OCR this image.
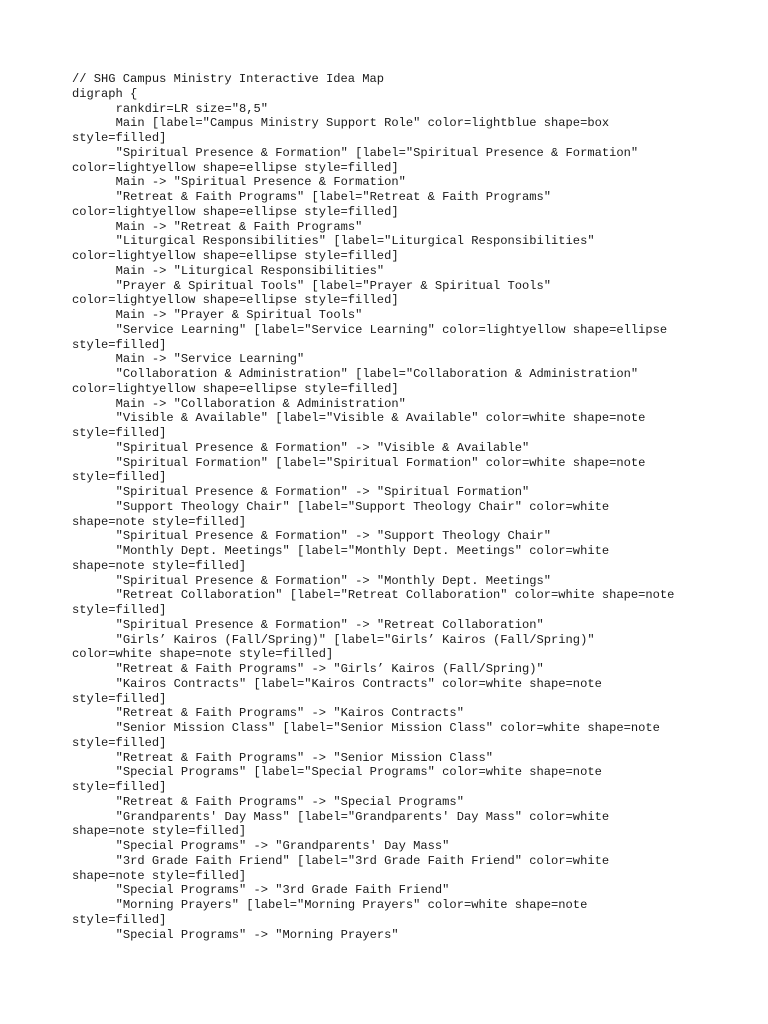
// SHG Campus Ministry Interactive Idea Map
digraph {
rankdir=LR size="8,5"
Main [label="Campus Ministry Support Role" color=lightblue shape=box
style=filled]
"Spiritual Presence & Formation" [label="Spiritual Presence & Formation"
color=lightyellow shape=ellipse style=filled]
Main -> "Spiritual Presence & Formation"
"Retreat & Faith Programs" [label="Retreat & Faith Programs"
color=lightyellow shape=ellipse style=filled]
Main -> "Retreat & Faith Programs"
"Liturgical Responsibilities" [label="Liturgical Responsibilities"
color=lightyellow shape=ellipse style=filled]
Main -> "Liturgical Responsibilities"
"Prayer & Spiritual Tools" [label="Prayer & Spiritual Tools"
color=lightyellow shape=ellipse style=filled]
Main -> "Prayer & Spiritual Tools"
"Service Learning" [label="Service Learning" color=lightyellow shape=ellipse
style=filled]
Main -> "Service Learning"
"Collaboration & Administration" [label="Collaboration & Administration"
color=lightyellow shape=ellipse style=filled]
Main -> "Collaboration & Administration"
"Visible & Available" [label="Visible & Available" color=white shape=note
style=filled]
"Spiritual Presence & Formation" -> "Visible & Available"
"Spiritual Formation" [label="Spiritual Formation" color=white shape=note
style=filled]
"Spiritual Presence & Formation" -> "Spiritual Formation"
"Support Theology Chair" [label="Support Theology Chair" color=white
shape=note style=filled]
"Spiritual Presence & Formation" -> "Support Theology Chair"
"Monthly Dept. Meetings" [label="Monthly Dept. Meetings" color=white
shape=note style=filled]
"Spiritual Presence & Formation" -> "Monthly Dept. Meetings"
"Retreat Collaboration" [label="Retreat Collaboration" color=white shape=note
style=filled]
"Spiritual Presence & Formation" -> "Retreat Collaboration"
"Girls’ Kairos (Fall/Spring)" [label="Girls’ Kairos (Fall/Spring)"
color=white shape=note style=filled]
"Retreat & Faith Programs" -> "Girls’ Kairos (Fall/Spring)"
"Kairos Contracts" [label="Kairos Contracts" color=white shape=note
style=filled]
"Retreat & Faith Programs" -> "Kairos Contracts"
"Senior Mission Class" [label="Senior Mission Class" color=white shape=note
style=filled]
"Retreat & Faith Programs" -> "Senior Mission Class"
"Special Programs" [label="Special Programs" color=white shape=note
style=filled]
"Retreat & Faith Programs" -> "Special Programs"
"Grandparents' Day Mass" [label="Grandparents' Day Mass" color=white
shape=note style=filled]
"Special Programs" -> "Grandparents' Day Mass"
"3rd Grade Faith Friend" [label="3rd Grade Faith Friend" color=white
shape=note style=filled]
"Special Programs" -> "3rd Grade Faith Friend"
"Morning Prayers" [label="Morning Prayers" color=white shape=note
style=filled]
"Special Programs" -> "Morning Prayers"
